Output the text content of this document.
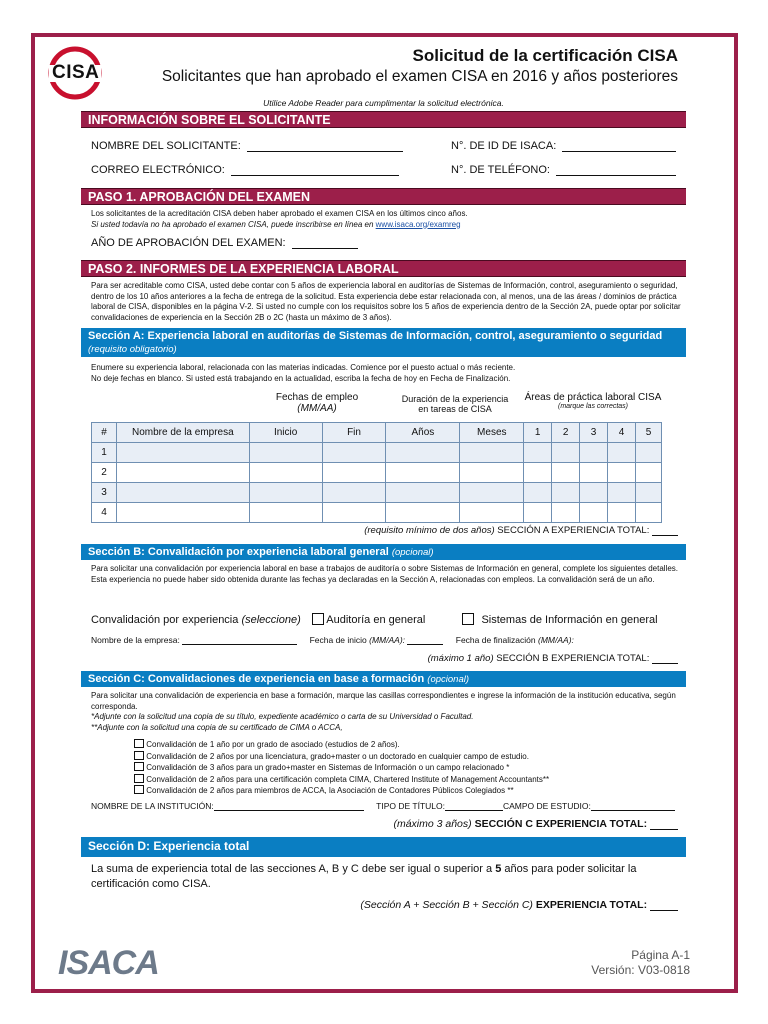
CISA
Solicitud de la certificación CISA
Solicitantes que han aprobado el examen CISA en 2016 y años posteriores
Utilice Adobe Reader para cumplimentar la solicitud electrónica.
INFORMACIÓN SOBRE EL SOLICITANTE
NOMBRE DEL SOLICITANTE:	N°. DE ID DE ISACA:
CORREO ELECTRÓNICO:	N°. DE TELÉFONO:
PASO 1. APROBACIÓN DEL EXAMEN
Los solicitantes de la acreditación CISA deben haber aprobado el examen CISA en los últimos cinco años.
Si usted todavía no ha aprobado el examen CISA, puede inscribirse en línea en www.isaca.org/examreg
AÑO DE APROBACIÓN DEL EXAMEN:
PASO 2. INFORMES DE LA EXPERIENCIA LABORAL
Para ser acreditable como CISA, usted debe contar con 5 años de experiencia laboral en auditorías de Sistemas de Información, control, aseguramiento o seguridad, dentro de los 10 años anteriores a la fecha de entrega de la solicitud. Esta experiencia debe estar relacionada con, al menos, una de las áreas / dominios de práctica laboral de CISA, disponibles en la página V-2. Si usted no cumple con los requisitos sobre los 5 años de experiencia dentro de la Sección 2A, puede optar por solicitar convalidaciones de experiencia en la Sección 2B o 2C (hasta un máximo de 3 años).
Sección A: Experiencia laboral en auditorías de Sistemas de Información, control, aseguramiento o seguridad (requisito obligatorio)
Enumere su experiencia laboral, relacionada con las materias indicadas. Comience por el puesto actual o más reciente.
No deje fechas en blanco. Si usted está trabajando en la actualidad, escriba la fecha de hoy en Fecha de Finalización.
Fechas de empleo
(MM/AA)
Duración de la experiencia
en tareas de CISA
Áreas de práctica laboral CISA
(marque las correctas)
#	Nombre de la empresa	Inicio	Fin	Años	Meses	1	2	3	4	5
1										
2										
3										
4										
(requisito mínimo de dos años) SECCIÓN A EXPERIENCIA TOTAL:
Sección B: Convalidación por experiencia laboral general (opcional)
Para solicitar una convalidación por experiencia laboral en base a trabajos de auditoría o sobre Sistemas de Información en general, complete los siguientes detalles.
Esta experiencia no puede haber sido obtenida durante las fechas ya declaradas en la Sección A, relacionadas con empleos. La convalidación será de un año.
Convalidación por experiencia (seleccione) Auditoría en general	Sistemas de Información en general
Nombre de la empresa:	Fecha de inicio (MM/AA):	Fecha de finalización (MM/AA):
(máximo 1 año) SECCIÓN B EXPERIENCIA TOTAL:
Sección C: Convalidaciones de experiencia en base a formación (opcional)
Para solicitar una convalidación de experiencia en base a formación, marque las casillas correspondientes e ingrese la información de la institución educativa, según corresponda.
*Adjunte con la solicitud una copia de su título, expediente académico o carta de su Universidad o Facultad.
**Adjunte con la solicitud una copia de su certificado de CIMA o ACCA,
Convalidación de 1 año por un grado de asociado (estudios de 2 años).
Convalidación de 2 años por una licenciatura, grado+master o un doctorado en cualquier campo de estudio.
Convalidación de 3 años para un grado+master en Sistemas de Información o un campo relacionado *
Convalidación de 2 años para una certificación completa CIMA, Chartered Institute of Management Accountants**
Convalidación de 2 años para miembros de ACCA, la Asociación de Contadores Públicos Colegiados **
NOMBRE DE LA INSTITUCIÓN:	TIPO DE TÍTULO:	CAMPO DE ESTUDIO:
(máximo 3 años) SECCIÓN C EXPERIENCIA TOTAL:
Sección D: Experiencia total
La suma de experiencia total de las secciones A, B y C debe ser igual o superior a 5 años para poder solicitar la certificación como CISA.
(Sección A + Sección B + Sección C) EXPERIENCIA TOTAL:
ISACA	Página A-1
Versión: V03-0818
